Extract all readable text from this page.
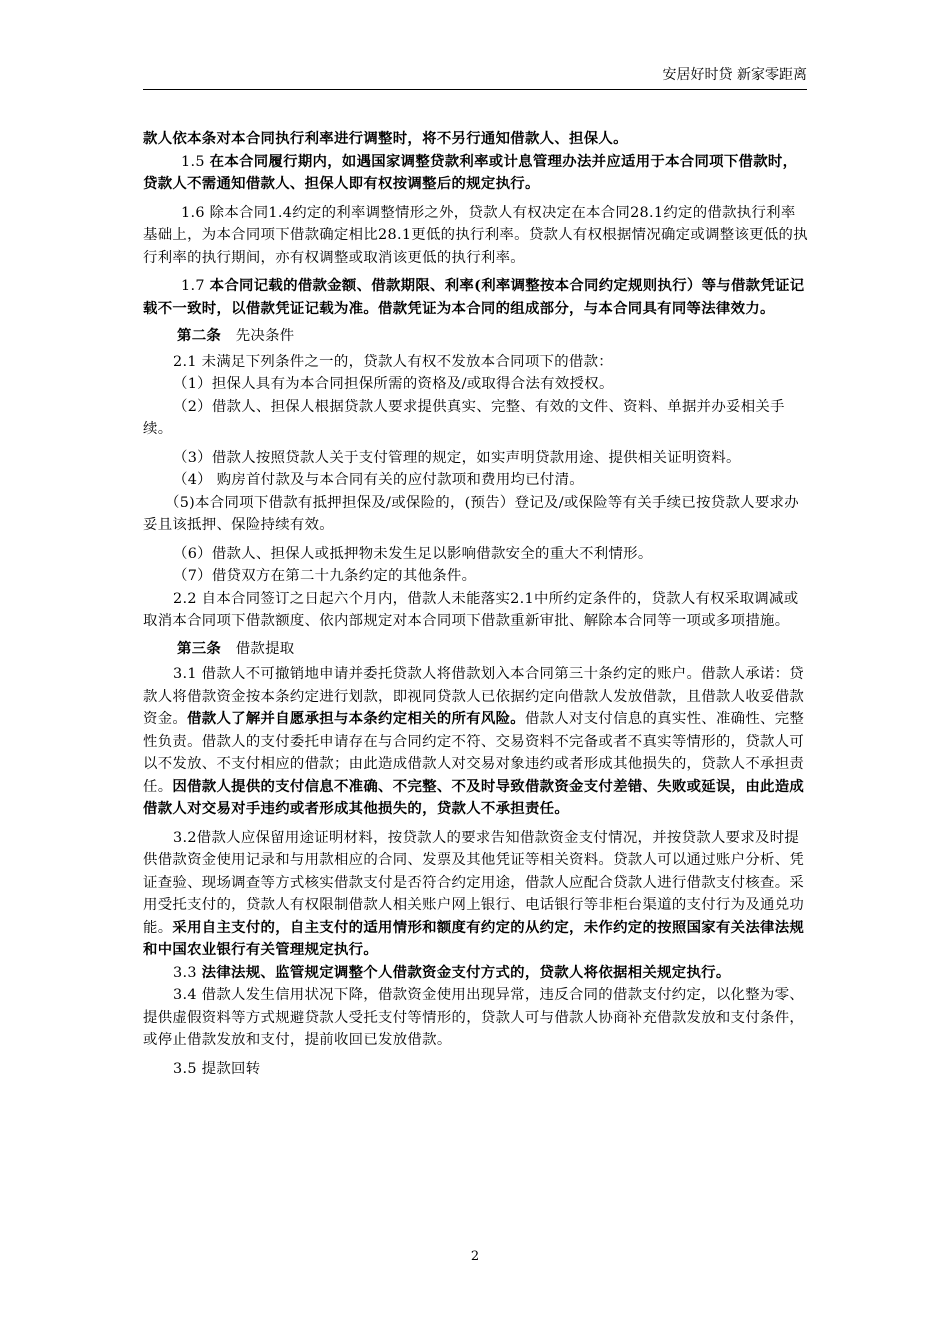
安居好时贷 新家零距离

款人依本条对本合同执行利率进行调整时，将不另行通知借款人、担保人。

1.5 在本合同履行期内，如遇国家调整贷款利率或计息管理办法并应适用于本合同项下借款时，贷款人不需通知借款人、担保人即有权按调整后的规定执行。

1.6 除本合同1.4约定的利率调整情形之外，贷款人有权决定在本合同28.1约定的借款执行利率基础上，为本合同项下借款确定相比28.1更低的执行利率。贷款人有权根据情况确定或调整该更低的执行利率的执行期间，亦有权调整或取消该更低的执行利率。

1.7 本合同记载的借款金额、借款期限、利率(利率调整按本合同约定规则执行）等与借款凭证记载不一致时，以借款凭证记载为准。借款凭证为本合同的组成部分，与本合同具有同等法律效力。

第二条 先决条件

2.1 未满足下列条件之一的，贷款人有权不发放本合同项下的借款：

（1）担保人具有为本合同担保所需的资格及/或取得合法有效授权。

（2）借款人、担保人根据贷款人要求提供真实、完整、有效的文件、资料、单据并办妥相关手续。

（3）借款人按照贷款人关于支付管理的规定，如实声明贷款用途、提供相关证明资料。

（4） 购房首付款及与本合同有关的应付款项和费用均已付清。

（5)本合同项下借款有抵押担保及/或保险的，(预告）登记及/或保险等有关手续已按贷款人要求办妥且该抵押、保险持续有效。

（6）借款人、担保人或抵押物未发生足以影响借款安全的重大不利情形。

（7）借贷双方在第二十九条约定的其他条件。

2.2 自本合同签订之日起六个月内，借款人未能落实2.1中所约定条件的，贷款人有权采取调减或取消本合同项下借款额度、依内部规定对本合同项下借款重新审批、解除本合同等一项或多项措施。

第三条 借款提取

3.1 借款人不可撤销地申请并委托贷款人将借款划入本合同第三十条约定的账户。借款人承诺：贷款人将借款资金按本条约定进行划款，即视同贷款人已依据约定向借款人发放借款，且借款人收妥借款资金。借款人了解并自愿承担与本条约定相关的所有风险。借款人对支付信息的真实性、准确性、完整性负责。借款人的支付委托申请存在与合同约定不符、交易资料不完备或者不真实等情形的，贷款人可以不发放、不支付相应的借款；由此造成借款人对交易对象违约或者形成其他损失的，贷款人不承担责任。因借款人提供的支付信息不准确、不完整、不及时导致借款资金支付差错、失败或延误，由此造成借款人对交易对手违约或者形成其他损失的，贷款人不承担责任。

3.2借款人应保留用途证明材料，按贷款人的要求告知借款资金支付情况，并按贷款人要求及时提供借款资金使用记录和与用款相应的合同、发票及其他凭证等相关资料。贷款人可以通过账户分析、凭证查验、现场调查等方式核实借款支付是否符合约定用途，借款人应配合贷款人进行借款支付核查。采用受托支付的，贷款人有权限制借款人相关账户网上银行、电话银行等非柜台渠道的支付行为及通兑功能。采用自主支付的，自主支付的适用情形和额度有约定的从约定，未作约定的按照国家有关法律法规和中国农业银行有关管理规定执行。

3.3 法律法规、监管规定调整个人借款资金支付方式的，贷款人将依据相关规定执行。

3.4 借款人发生信用状况下降，借款资金使用出现异常，违反合同的借款支付约定，以化整为零、提供虚假资料等方式规避贷款人受托支付等情形的，贷款人可与借款人协商补充借款发放和支付条件，或停止借款发放和支付，提前收回已发放借款。

3.5 提款回转

2
